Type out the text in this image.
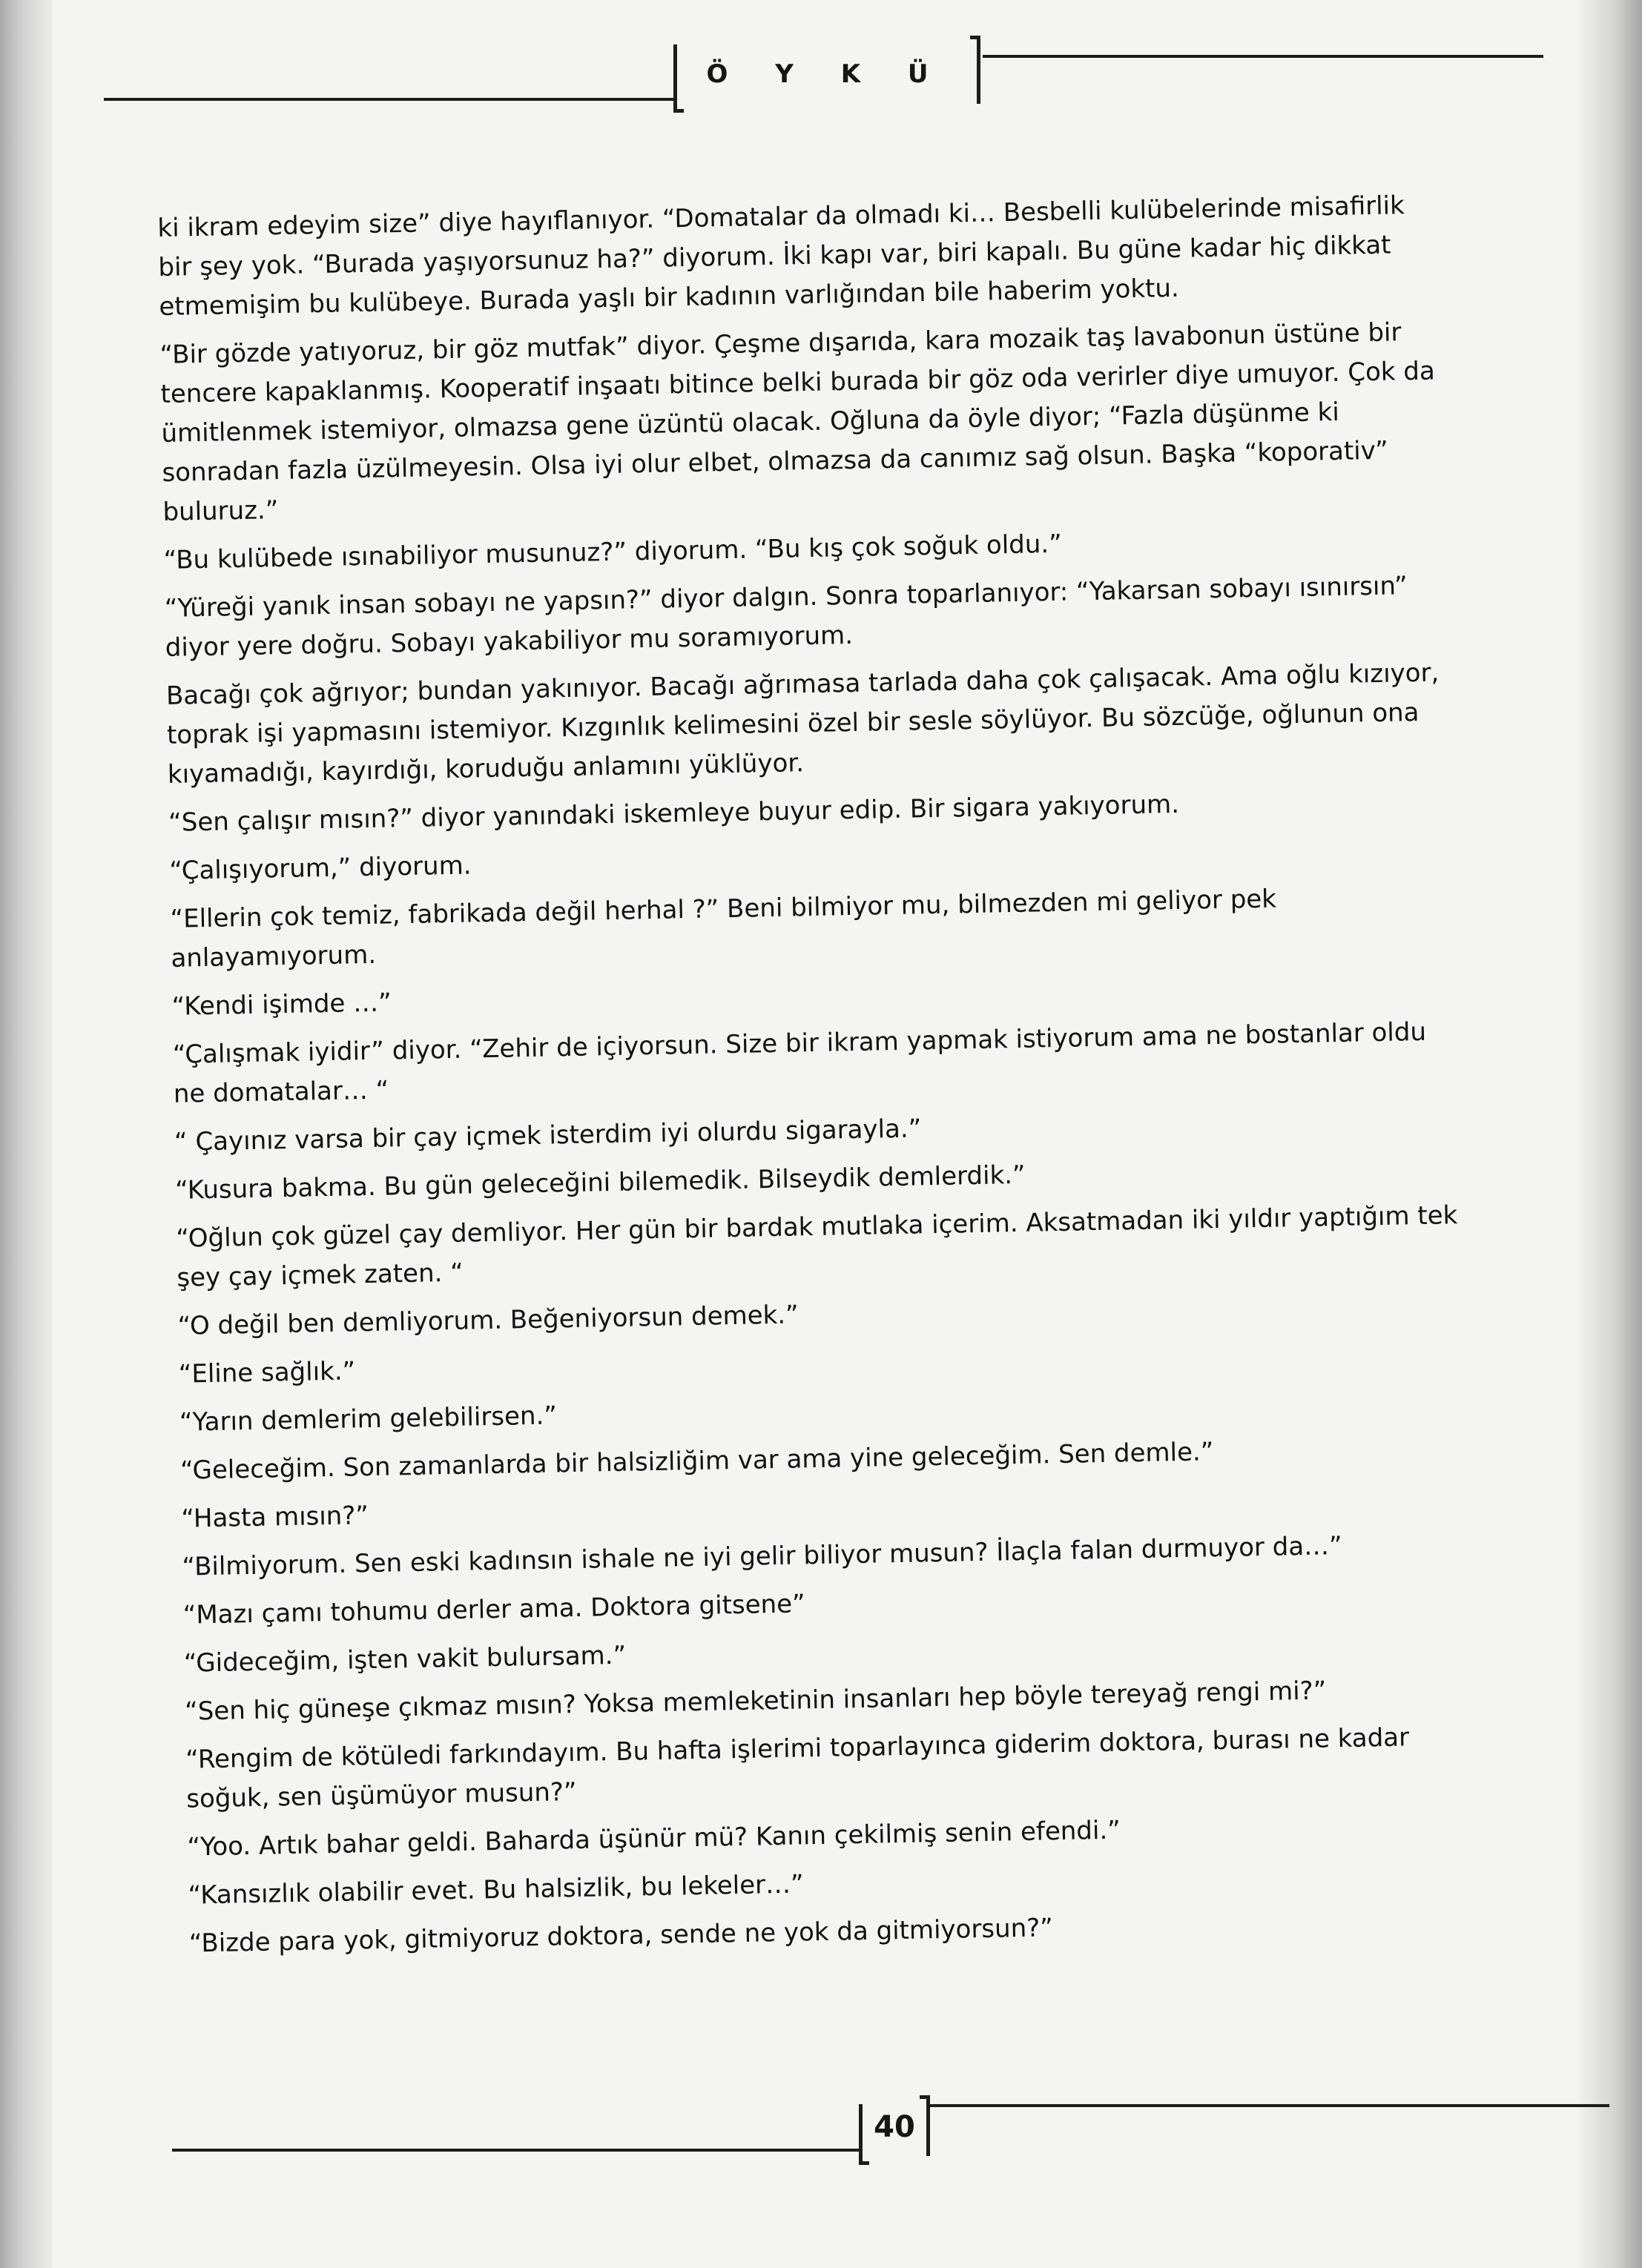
Ö Y K Ü

ki ikram edeyim size” diye hayıflanıyor. “Domatalar da olmadı ki… Besbelli kulübelerinde misafirlik
bir şey yok. “Burada yaşıyorsunuz ha?” diyorum. İki kapı var, biri kapalı. Bu güne kadar hiç dikkat
etmemişim bu kulübeye. Burada yaşlı bir kadının varlığından bile haberim yoktu.

“Bir gözde yatıyoruz, bir göz mutfak” diyor. Çeşme dışarıda, kara mozaik taş lavabonun üstüne bir
tencere kapaklanmış. Kooperatif inşaatı bitince belki burada bir göz oda verirler diye umuyor. Çok da
ümitlenmek istemiyor, olmazsa gene üzüntü olacak. Oğluna da öyle diyor; “Fazla düşünme ki
sonradan fazla üzülmeyesin. Olsa iyi olur elbet, olmazsa da canımız sağ olsun. Başka “koporativ”
buluruz.”

“Bu kulübede ısınabiliyor musunuz?” diyorum. “Bu kış çok soğuk oldu.”

“Yüreği yanık insan sobayı ne yapsın?” diyor dalgın. Sonra toparlanıyor: “Yakarsan sobayı ısınırsın”
diyor yere doğru. Sobayı yakabiliyor mu soramıyorum.

Bacağı çok ağrıyor; bundan yakınıyor. Bacağı ağrımasa tarlada daha çok çalışacak. Ama oğlu kızıyor,
toprak işi yapmasını istemiyor. Kızgınlık kelimesini özel bir sesle söylüyor. Bu sözcüğe, oğlunun ona
kıyamadığı, kayırdığı, koruduğu anlamını yüklüyor.

“Sen çalışır mısın?” diyor yanındaki iskemleye buyur edip. Bir sigara yakıyorum.

“Çalışıyorum,” diyorum.

“Ellerin çok temiz, fabrikada değil herhal ?” Beni bilmiyor mu, bilmezden mi geliyor pek
anlayamıyorum.

“Kendi işimde …”

“Çalışmak iyidir” diyor. “Zehir de içiyorsun. Size bir ikram yapmak istiyorum ama ne bostanlar oldu
ne domatalar… “

“ Çayınız varsa bir çay içmek isterdim iyi olurdu sigarayla.”

“Kusura bakma. Bu gün geleceğini bilemedik. Bilseydik demlerdik.”

“Oğlun çok güzel çay demliyor. Her gün bir bardak mutlaka içerim. Aksatmadan iki yıldır yaptığım tek
şey çay içmek zaten. “

“O değil ben demliyorum. Beğeniyorsun demek.”

“Eline sağlık.”

“Yarın demlerim gelebilirsen.”

“Geleceğim. Son zamanlarda bir halsizliğim var ama yine geleceğim. Sen demle.”

“Hasta mısın?”

“Bilmiyorum. Sen eski kadınsın ishale ne iyi gelir biliyor musun? İlaçla falan durmuyor da…”

“Mazı çamı tohumu derler ama. Doktora gitsene”

“Gideceğim, işten vakit bulursam.”

“Sen hiç güneşe çıkmaz mısın? Yoksa memleketinin insanları hep böyle tereyağ rengi mi?”

“Rengim de kötüledi farkındayım. Bu hafta işlerimi toparlayınca giderim doktora, burası ne kadar
soğuk, sen üşümüyor musun?”

“Yoo. Artık bahar geldi. Baharda üşünür mü? Kanın çekilmiş senin efendi.”

“Kansızlık olabilir evet. Bu halsizlik, bu lekeler…”

“Bizde para yok, gitmiyoruz doktora, sende ne yok da gitmiyorsun?”

40
